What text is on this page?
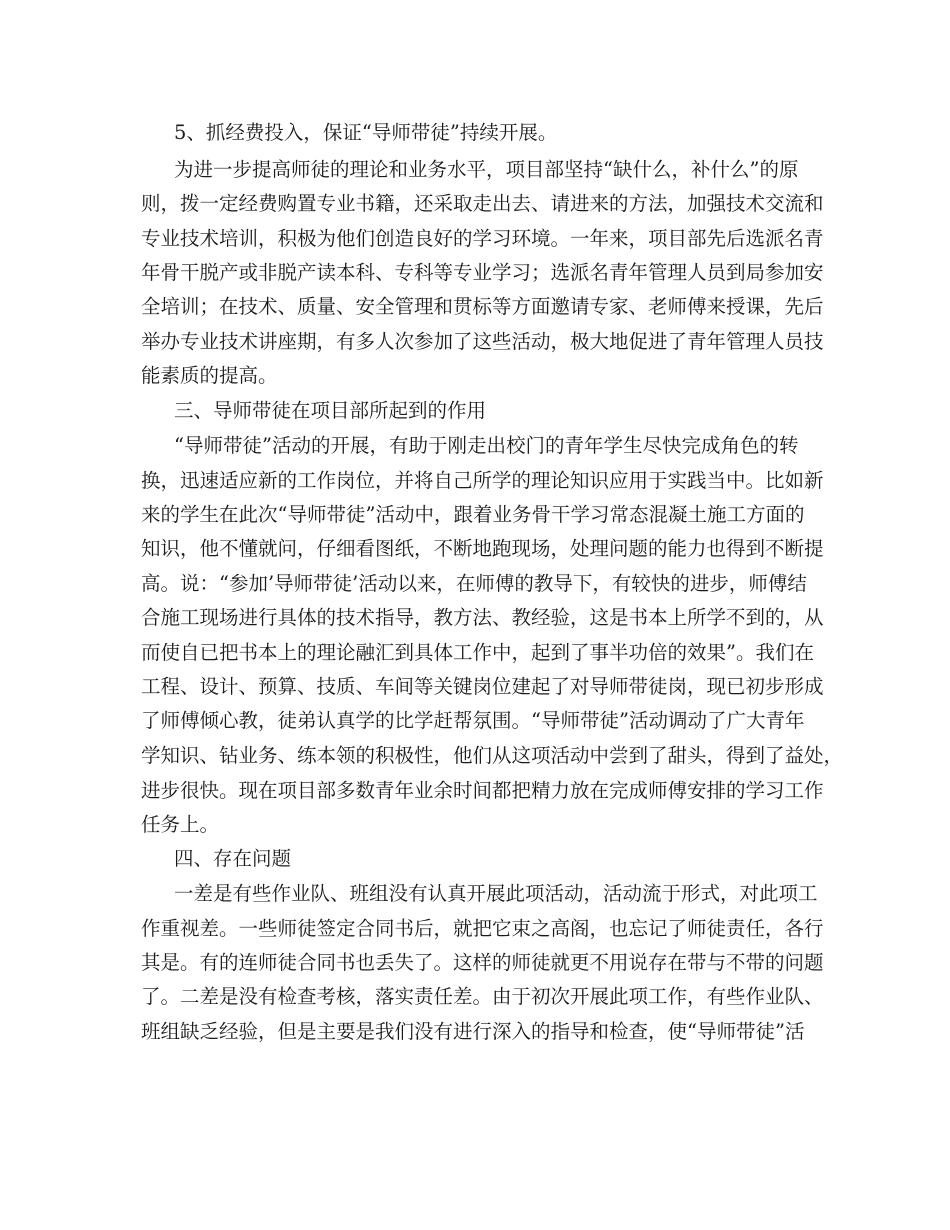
5、抓经费投入，保证“导师带徒”持续开展。

为进一步提高师徒的理论和业务水平，项目部坚持“缺什么，补什么”的原

则，拨一定经费购置专业书籍，还采取走出去、请进来的方法，加强技术交流和

专业技术培训，积极为他们创造良好的学习环境。一年来，项目部先后选派名青

年骨干脱产或非脱产读本科、专科等专业学习；选派名青年管理人员到局参加安

全培训；在技术、质量、安全管理和贯标等方面邀请专家、老师傅来授课，先后

举办专业技术讲座期，有多人次参加了这些活动，极大地促进了青年管理人员技

能素质的提高。

三、导师带徒在项目部所起到的作用

“导师带徒”活动的开展，有助于刚走出校门的青年学生尽快完成角色的转

换，迅速适应新的工作岗位，并将自己所学的理论知识应用于实践当中。比如新

来的学生在此次“导师带徒”活动中，跟着业务骨干学习常态混凝土施工方面的

知识，他不懂就问，仔细看图纸，不断地跑现场，处理问题的能力也得到不断提

高。说：“参加’导师带徒’活动以来，在师傅的教导下，有较快的进步，师傅结

合施工现场进行具体的技术指导，教方法、教经验，这是书本上所学不到的，从

而使自已把书本上的理论融汇到具体工作中，起到了事半功倍的效果”。我们在

工程、设计、预算、技质、车间等关键岗位建起了对导师带徒岗，现已初步形成

了师傅倾心教，徒弟认真学的比学赶帮氛围。“导师带徒”活动调动了广大青年

学知识、钻业务、练本领的积极性，他们从这项活动中尝到了甜头，得到了益处，

进步很快。现在项目部多数青年业余时间都把精力放在完成师傅安排的学习工作

任务上。

四、存在问题

一差是有些作业队、班组没有认真开展此项活动，活动流于形式，对此项工

作重视差。一些师徒签定合同书后，就把它束之高阁，也忘记了师徒责任，各行

其是。有的连师徒合同书也丢失了。这样的师徒就更不用说存在带与不带的问题

了。二差是没有检查考核，落实责任差。由于初次开展此项工作，有些作业队、

班组缺乏经验，但是主要是我们没有进行深入的指导和检查，使“导师带徒”活
